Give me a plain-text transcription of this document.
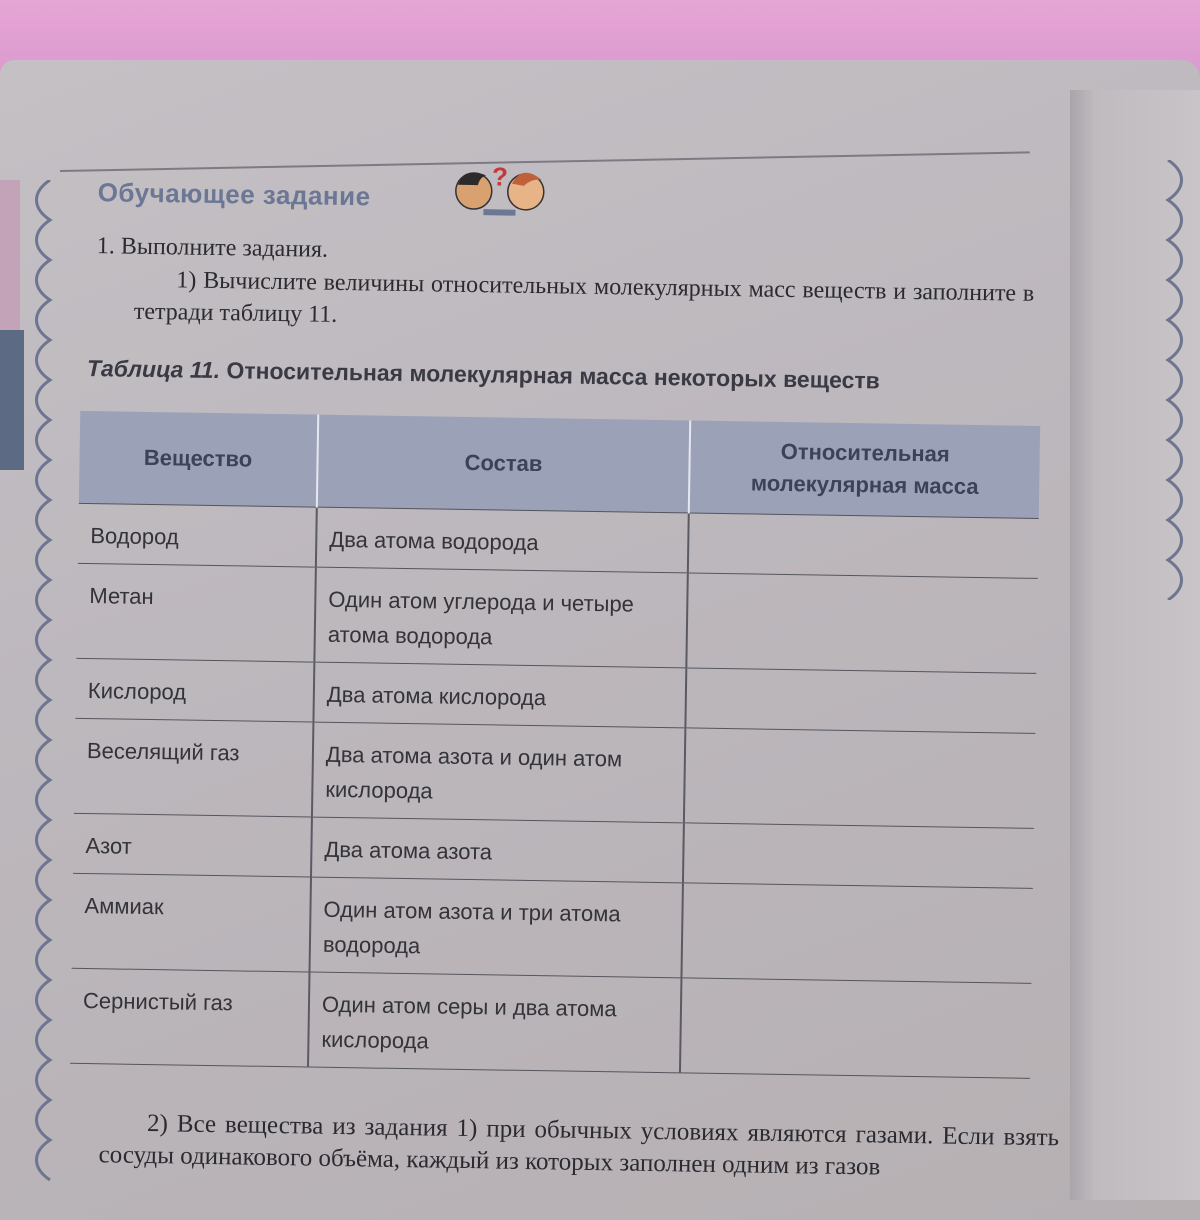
Обучающее задание
?
1. Выполните задания.
1) Вычислите величины относительных молекулярных масс веществ и заполните в тетради таблицу 11.
Таблица 11. Относительная молекулярная масса некоторых веществ
Вещество	Состав	Относительная молекулярная масса
Водород	Два атома водорода	
Метан	Один атом углерода и четыре атома водорода	
Кислород	Два атома кислорода	
Веселящий газ	Два атома азота и один атом кислорода	
Азот	Два атома азота	
Аммиак	Один атом азота и три атома водорода	
Сернистый газ	Один атом серы и два атома кислорода	
2) Все вещества из задания 1) при обычных условиях являются газами. Если взять сосуды одинакового объёма, каждый из которых заполнен одним из газов
